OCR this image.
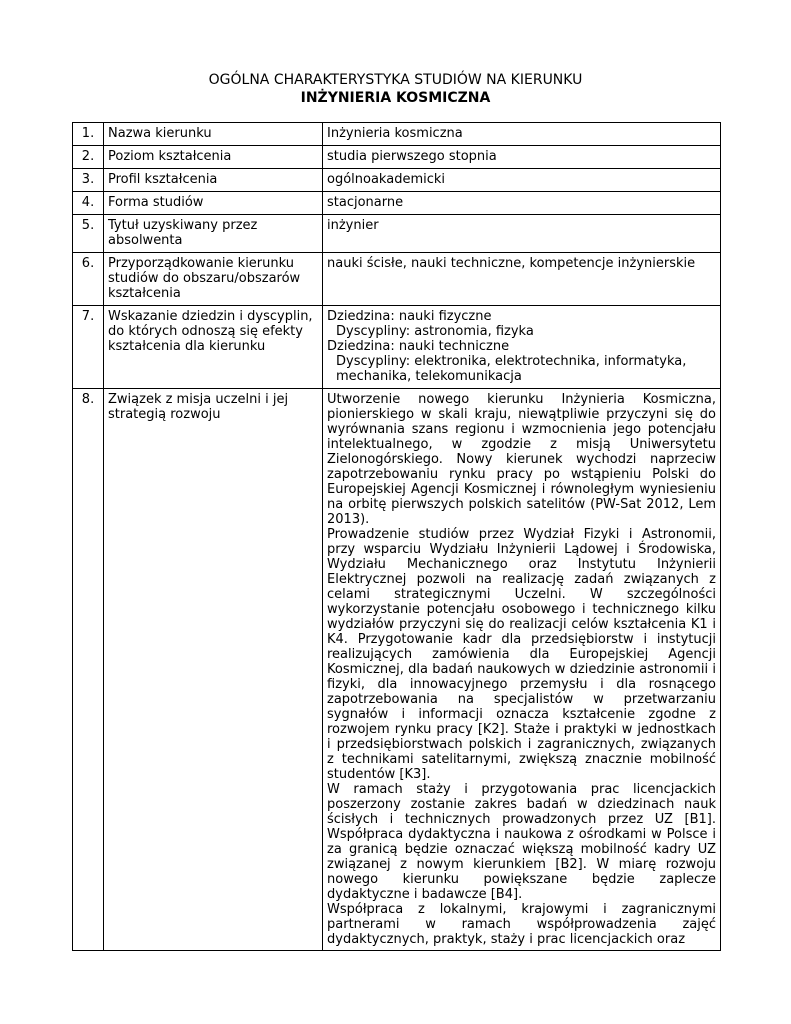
OGÓLNA CHARAKTERYSTYKA STUDIÓW NA KIERUNKU
INŻYNIERIA KOSMICZNA
1.	Nazwa kierunku	Inżynieria kosmiczna
2.	Poziom kształcenia	studia pierwszego stopnia
3.	Profil kształcenia	ogólnoakademicki
4.	Forma studiów	stacjonarne
5.	Tytuł uzyskiwany przez absolwenta	inżynier
6.	Przyporządkowanie kierunku studiów do obszaru/obszarów kształcenia	nauki ścisłe, nauki techniczne, kompetencje inżynierskie
7.	Wskazanie dziedzin i dyscyplin, do których odnoszą się efekty kształcenia dla kierunku	Dziedzina: nauki fizyczne
Dyscypliny: astronomia, fizyka
Dziedzina: nauki techniczne
Dyscypliny: elektronika, elektrotechnika, informatyka, mechanika, telekomunikacja

8.	Związek z misja uczelni i jej strategią rozwoju	Utworzenie nowego kierunku Inżynieria Kosmiczna, pionierskiego w skali kraju, niewątpliwie przyczyni się do wyrównania szans regionu i wzmocnienia jego potencjału intelektualnego, w zgodzie z misją Uniwersytetu Zielonogórskiego. Nowy kierunek wychodzi naprzeciw zapotrzebowaniu rynku pracy po wstąpieniu Polski do Europejskiej Agencji Kosmicznej i równoległym wyniesieniu na orbitę pierwszych polskich satelitów (PW-Sat 2012, Lem 2013).
Prowadzenie studiów przez Wydział Fizyki i Astronomii, przy wsparciu Wydziału Inżynierii Lądowej i Środowiska, Wydziału Mechanicznego oraz Instytutu Inżynierii Elektrycznej pozwoli na realizację zadań związanych z celami strategicznymi Uczelni. W szczególności wykorzystanie potencjału osobowego i technicznego kilku wydziałów przyczyni się do realizacji celów kształcenia K1 i K4. Przygotowanie kadr dla przedsiębiorstw i instytucji realizujących zamówienia dla Europejskiej Agencji Kosmicznej, dla badań naukowych w dziedzinie astronomii i fizyki, dla innowacyjnego przemysłu i dla rosnącego zapotrzebowania na specjalistów w przetwarzaniu sygnałów i informacji oznacza kształcenie zgodne z rozwojem rynku pracy [K2]. Staże i praktyki w jednostkach i przedsiębiorstwach polskich i zagranicznych, związanych z technikami satelitarnymi, zwiększą znacznie mobilność studentów [K3].
W ramach staży i przygotowania prac licencjackich poszerzony zostanie zakres badań w dziedzinach nauk ścisłych i technicznych prowadzonych przez UZ [B1]. Współpraca dydaktyczna i naukowa z ośrodkami w Polsce i za granicą będzie oznaczać większą mobilność kadry UZ związanej z nowym kierunkiem [B2]. W miarę rozwoju nowego kierunku powiększane będzie zaplecze dydaktyczne i badawcze [B4].
Współpraca z lokalnymi, krajowymi i zagranicznymi partnerami w ramach współprowadzenia zajęć dydaktycznych, praktyk, staży i prac licencjackich oraz
